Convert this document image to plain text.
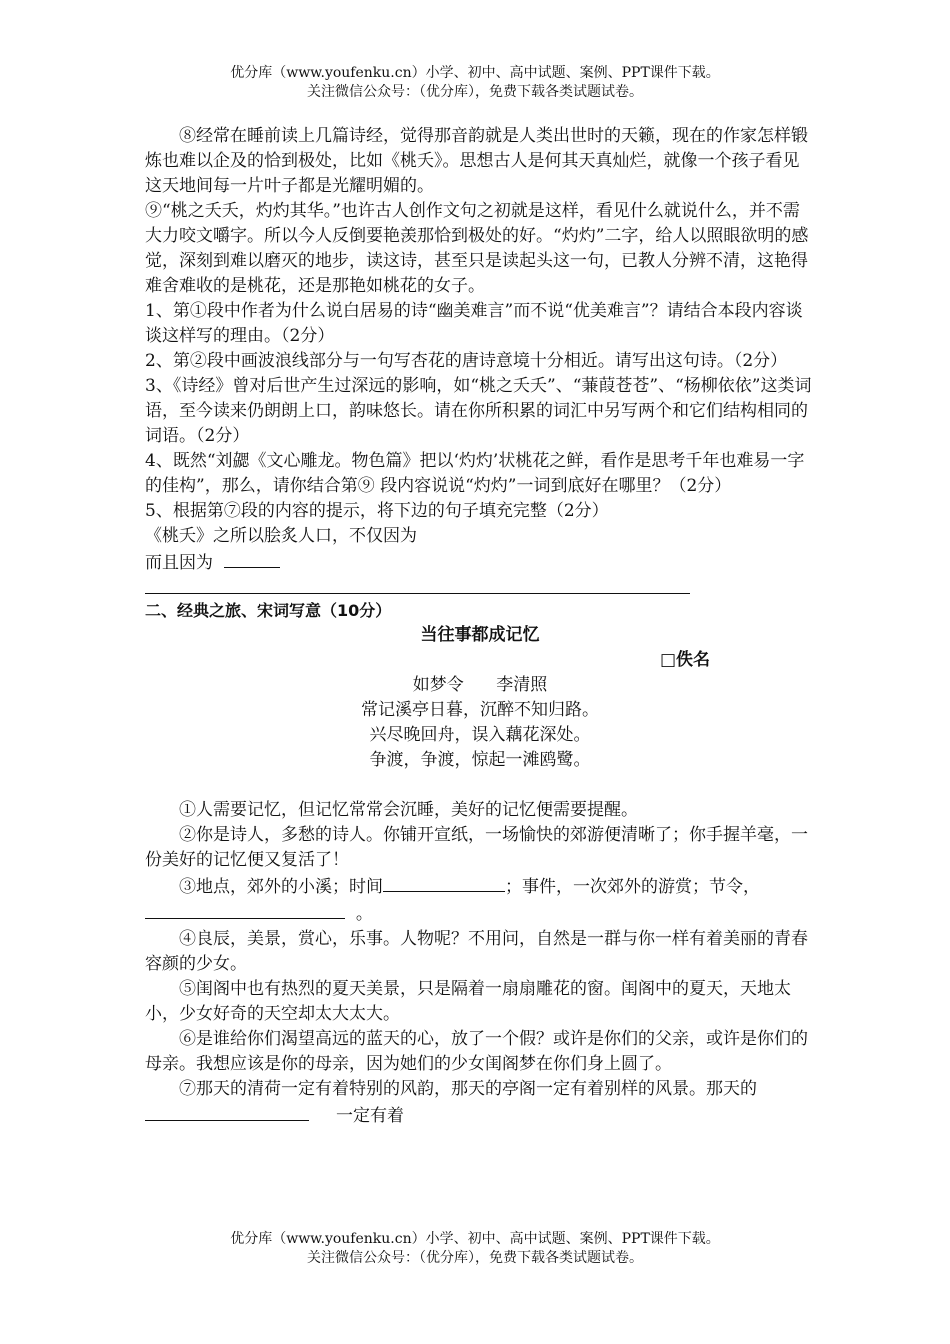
优分库（www.youfenku.cn）小学、初中、高中试题、案例、PPT课件下载。
关注微信公众号：（优分库），免费下载各类试题试卷。

⑧经常在睡前读上几篇诗经，觉得那音韵就是人类出世时的天籁，现在的作家怎样锻炼也难以企及的恰到极处，比如《桃夭》。思想古人是何其天真灿烂，就像一个孩子看见这天地间每一片叶子都是光耀明媚的。

⑨“桃之夭夭，灼灼其华。”也许古人创作文句之初就是这样，看见什么就说什么，并不需大力咬文嚼字。所以今人反倒要艳羡那恰到极处的好。“灼灼”二字，给人以照眼欲明的感觉，深刻到难以磨灭的地步，读这诗，甚至只是读起头这一句，已教人分辨不清，这艳得难舍难收的是桃花，还是那艳如桃花的女子。

1、第①段中作者为什么说白居易的诗“幽美难言”而不说“优美难言”？请结合本段内容谈谈这样写的理由。（2分）

2、第②段中画波浪线部分与一句写杏花的唐诗意境十分相近。请写出这句诗。（2分）

3、《诗经》曾对后世产生过深远的影响，如“桃之夭夭”、“蒹葭苍苍”、“杨柳依依”这类词语，至今读来仍朗朗上口，韵味悠长。请在你所积累的词汇中另写两个和它们结构相同的词语。（2分）

4、既然“刘勰《文心雕龙。物色篇》把以‘灼灼’状桃花之鲜，看作是思考千年也难易一字的佳构”，那么，请你结合第⑨ 段内容说说“灼灼”一词到底好在哪里？（2分）

5、根据第⑦段的内容的提示，将下边的句子填充完整（2分）

《桃夭》之所以脍炙人口，不仅因为

而且因为

二、经典之旅、宋词写意（10分）

当往事都成记忆

□佚名

如梦令      李清照

常记溪亭日暮，沉醉不知归路。

兴尽晚回舟，误入藕花深处。

争渡，争渡，惊起一滩鸥鹭。

①人需要记忆，但记忆常常会沉睡，美好的记忆便需要提醒。

②你是诗人，多愁的诗人。你铺开宣纸，一场愉快的郊游便清晰了；你手握羊毫，一份美好的记忆便又复活了！

③地点，郊外的小溪；时间	；事件，一次郊外的游赏；节令，  。

④良辰，美景，赏心，乐事。人物呢？不用问，自然是一群与你一样有着美丽的青春容颜的少女。

⑤闺阁中也有热烈的夏天美景，只是隔着一扇扇雕花的窗。闺阁中的夏天，天地太小，少女好奇的天空却太大太大。

⑥是谁给你们渴望高远的蓝天的心，放了一个假？或许是你们的父亲，或许是你们的母亲。我想应该是你的母亲，因为她们的少女闺阁梦在你们身上圆了。

⑦那天的清荷一定有着特别的风韵，那天的亭阁一定有着别样的风景。那天的     一定有着

优分库（www.youfenku.cn）小学、初中、高中试题、案例、PPT课件下载。
关注微信公众号：（优分库），免费下载各类试题试卷。
